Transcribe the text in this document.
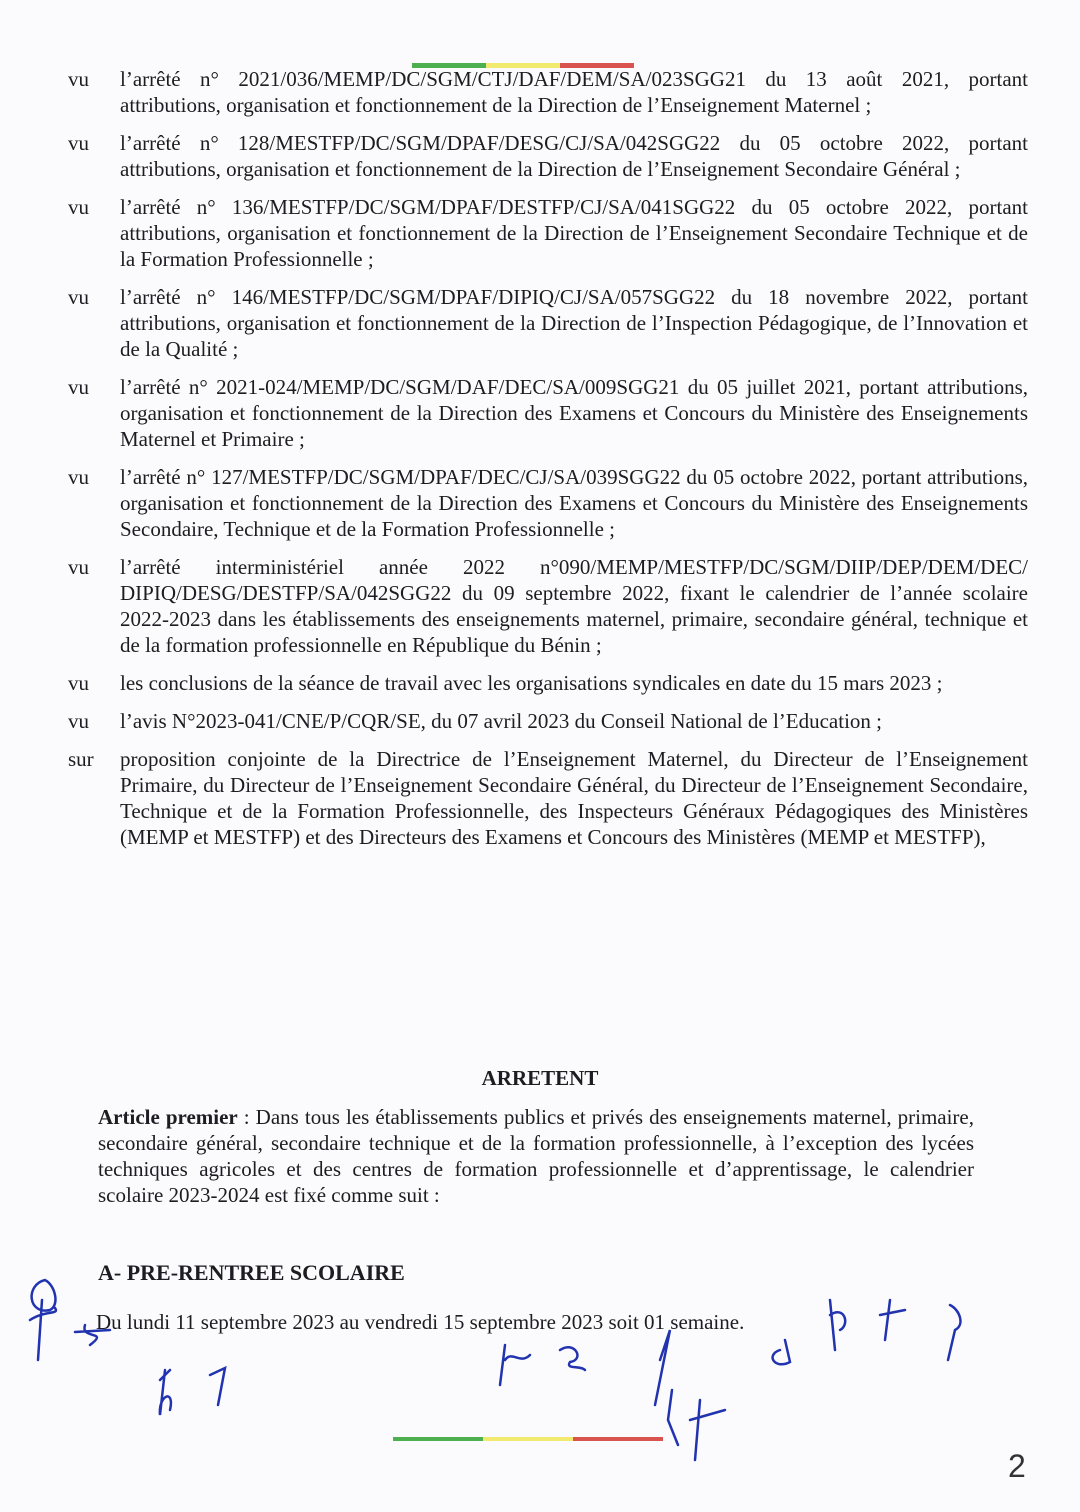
vu	l’arrêté n° 2021/036/MEMP/DC/SGM/CTJ/DAF/DEM/SA/023SGG21 du 13 août 2021, portant attributions, organisation et fonctionnement de la Direction de l’Enseignement Maternel ;
vu	l’arrêté n° 128/MESTFP/DC/SGM/DPAF/DESG/CJ/SA/042SGG22 du 05 octobre 2022, portant attributions, organisation et fonctionnement de la Direction de l’Enseignement Secondaire Général ;
vu	l’arrêté n° 136/MESTFP/DC/SGM/DPAF/DESTFP/CJ/SA/041SGG22 du 05 octobre 2022, portant attributions, organisation et fonctionnement de la Direction de l’Enseignement Secondaire Technique et de la Formation Professionnelle ;
vu	l’arrêté n° 146/MESTFP/DC/SGM/DPAF/DIPIQ/CJ/SA/057SGG22 du 18 novembre 2022, portant attributions, organisation et fonctionnement de la Direction de l’Inspection Pédagogique, de l’Innovation et de la Qualité ;
vu	l’arrêté n° 2021-024/MEMP/DC/SGM/DAF/DEC/SA/009SGG21 du 05 juillet 2021, portant attributions, organisation et fonctionnement de la Direction des Examens et Concours du Ministère des Enseignements Maternel et Primaire ;
vu	l’arrêté n° 127/MESTFP/DC/SGM/DPAF/DEC/CJ/SA/039SGG22 du 05 octobre 2022, portant attributions, organisation et fonctionnement de la Direction des Examens et Concours du Ministère des Enseignements Secondaire, Technique et de la Formation Professionnelle ;
vu	l’arrêté interministériel année 2022 n°090/MEMP/MESTFP/DC/SGM/DIIP/DEP/DEM/DEC/ DIPIQ/DESG/DESTFP/SA/042SGG22 du 09 septembre 2022, fixant le calendrier de l’année scolaire 2022-2023 dans les établissements des enseignements maternel, primaire, secondaire général, technique et de la formation professionnelle en République du Bénin ;
vu	les conclusions de la séance de travail avec les organisations syndicales en date du 15 mars 2023 ;
vu	l’avis N°2023-041/CNE/P/CQR/SE, du 07 avril 2023 du Conseil National de l’Education ;
sur	proposition conjointe de la Directrice de l’Enseignement Maternel, du Directeur de l’Enseignement Primaire, du Directeur de l’Enseignement Secondaire Général, du Directeur de l’Enseignement Secondaire, Technique et de la Formation Professionnelle, des Inspecteurs Généraux Pédagogiques des Ministères (MEMP et MESTFP) et des Directeurs des Examens et Concours des Ministères (MEMP et MESTFP),
ARRETENT
Article premier : Dans tous les établissements publics et privés des enseignements maternel, primaire, secondaire général, secondaire technique et de la formation professionnelle, à l’exception des lycées techniques agricoles et des centres de formation professionnelle et d’apprentissage, le calendrier scolaire 2023-2024 est fixé comme suit :
A- PRE-RENTREE SCOLAIRE
Du lundi 11 septembre 2023 au vendredi 15 septembre 2023 soit 01 semaine.
2
